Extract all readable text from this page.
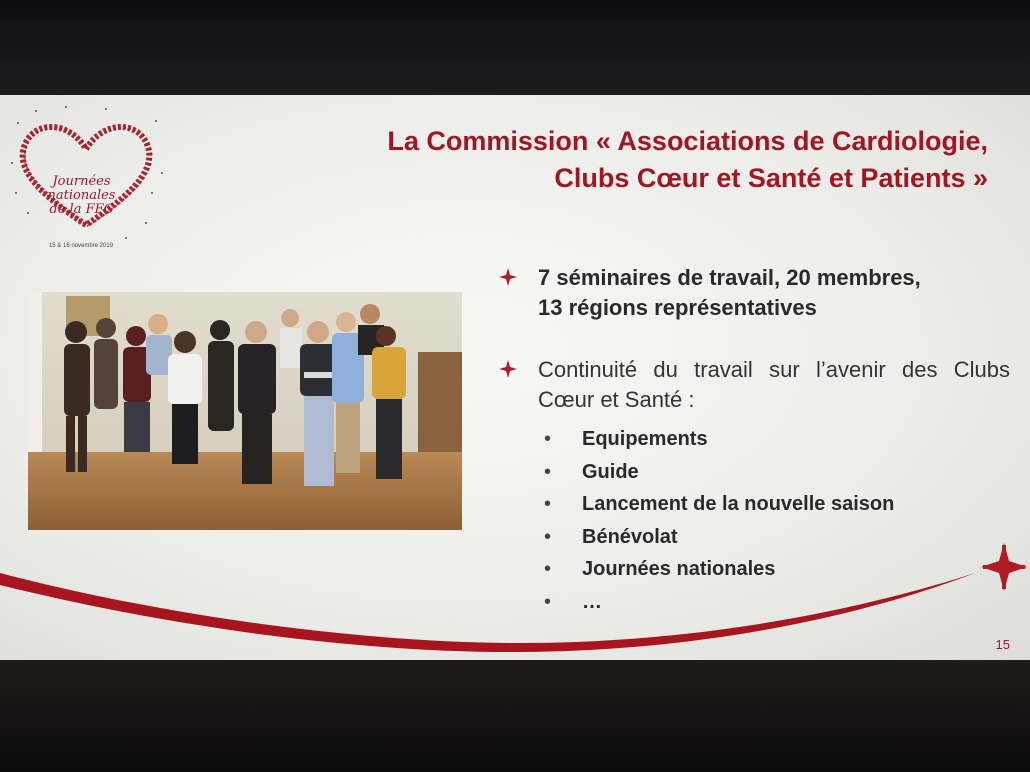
Journées
nationales
de la FFC
15 & 16 novembre 2019
La Commission « Associations de Cardiologie,
Clubs Cœur et Santé et Patients »
7 séminaires de travail, 20 membres,
13 régions représentatives
Continuité du travail sur l’avenir des Clubs Cœur et Santé :
• Equipements
• Guide
• Lancement de la nouvelle saison
• Bénévolat
• Journées nationales
• …
15
